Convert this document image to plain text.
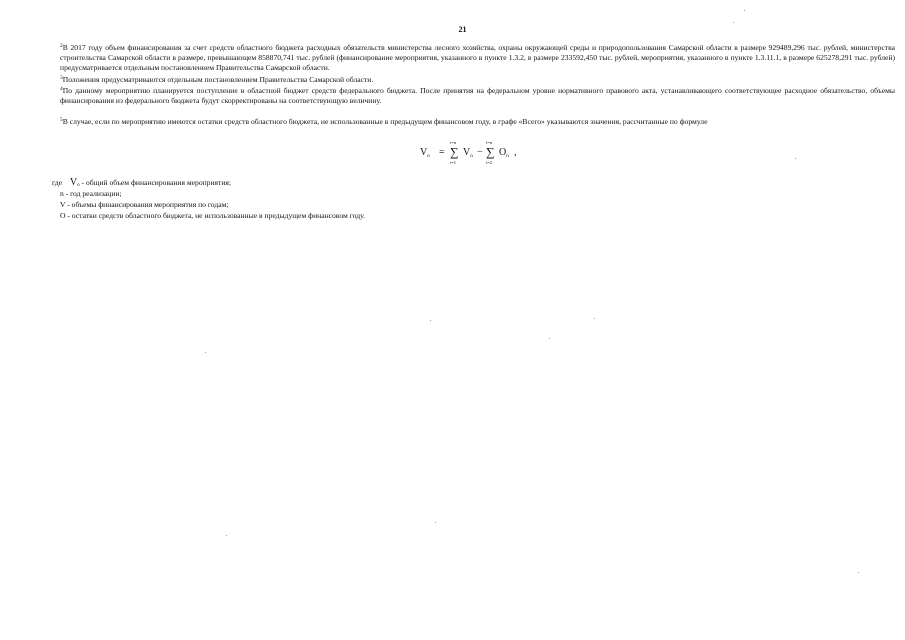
21
$^2$В 2017 году объем финансирования за счет средств областного бюджета расходных обязательств министерства лесного хозяйства, охраны окружающей среды и природопользования Самарской области в размере 929489,296 тыс. рублей, министерства строительства Самарской области в размере, превышающем 858870,741 тыс. рублей (финансирование мероприятия, указанного в пункте 1.3.2, в размере 233592,450 тыс. рублей, мероприятия, указанного в пункте 1.3.11.1, в размере 625278,291 тыс. рублей) предусматривается отдельным постановлением Правительства Самарской области.
$^3$Положения предусматриваются отдельным постановлением Правительства Самарской области.
$^4$По данному мероприятию планируется поступление в областной бюджет средств федерального бюджета. После принятия на федеральном уровне нормативного правового акта, устанавливающего соответствующее расходное обязательство, объемы финансирования из федерального бюджета будут скорректированы на соответствующую величину.
$^5$В случае, если по мероприятию имеются остатки средств областного бюджета, не использованные в предыдущем финансовом году, в графе «Всего» указываются значения, рассчитанные по формуле
$V_o$ =
i=n
∑
i=1
$V_n$ −
i=n
∑
i=2
$O_n$ ,
где $V_o$ - общий объем финансирования мероприятия;
n - год реализации;
V - объемы финансирования мероприятия по годам;
O - остатки средств областного бюджета, не использованные в предыдущем финансовом году.
